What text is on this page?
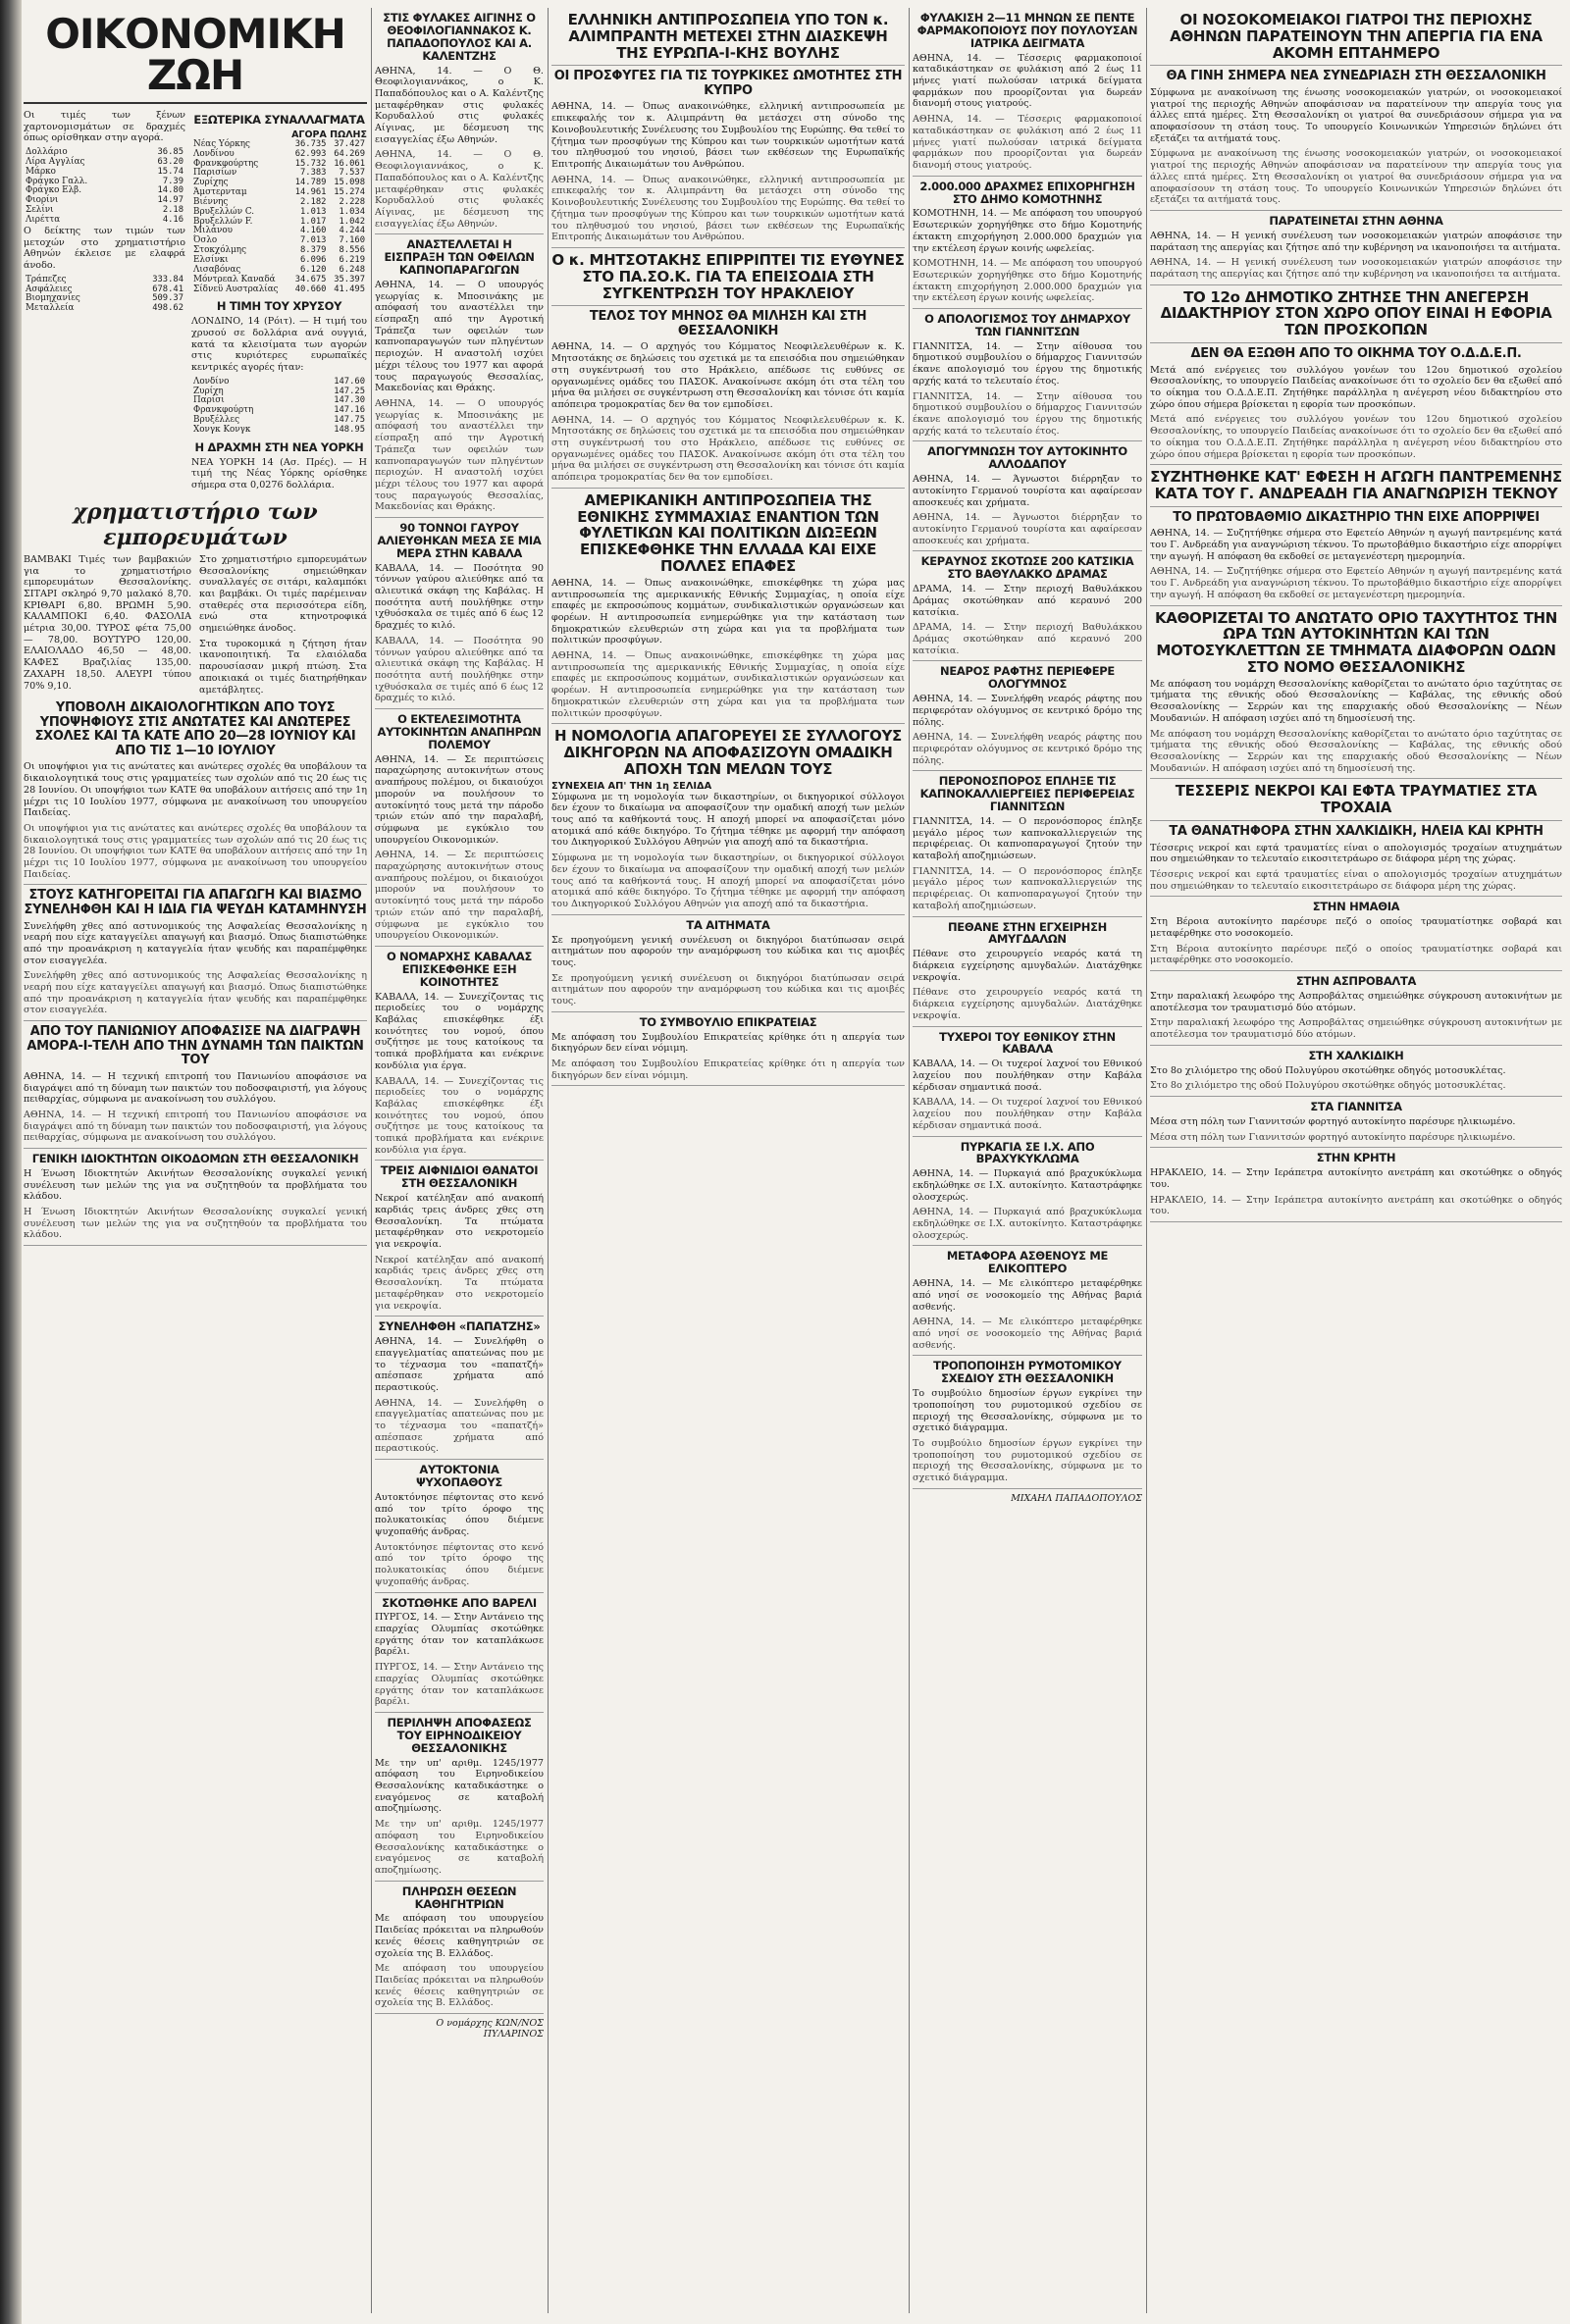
ΟΙΚΟΝΟΜΙΚΗ ΖΩΗ

Οι τιμές των ξένων χαρτονομισμάτων σε δραχμές όπως ορίσθηκαν στην αγορά.

Δολλάριο	36.85
Λίρα Αγγλίας	63.20
Μάρκο	15.74
Φράγκο Γαλλ.	7.39
Φράγκο Ελβ.	14.80
Φιορίνι	14.97
Σελίνι	2.18
Λιρέττα	4.16

Ο δείκτης των τιμών των μετοχών στο χρηματιστήριο Αθηνών έκλεισε με ελαφρά άνοδο.

Τράπεζες	333.84
Ασφάλειες	678.41
Βιομηχανίες	509.37
Μεταλλεία	498.62
ΕΞΩΤΕΡΙΚΑ ΣΥΝΑΛΛΑΓΜΑΤΑ
ΑΓΟΡΑ ΠΩΛΗΣ
Νέας Υόρκης	36.735	37.427
Λονδίνου	62.993	64.269
Φρανκφούρτης	15.732	16.061
Παρισίων	7.383	7.537
Ζυρίχης	14.789	15.098
Άμστερνταμ	14.961	15.274
Βιέννης	2.182	2.228
Βρυξελλών C.	1.013	1.034
Βρυξελλών F.	1.017	1.042
Μιλάνου	4.160	4.244
Όσλο	7.013	7.160
Στοκχόλμης	8.379	8.556
Ελσίνκι	6.096	6.219
Λισαβόνας	6.120	6.248
Μόντρεαλ Καναδά	34.675	35.397
Σίδνεϋ Αυστραλίας	40.660	41.495
Η ΤΙΜΗ ΤΟΥ ΧΡΥΣΟΥ

ΛΟΝΔΙΝΟ, 14 (Ρόιτ). — Η τιμή του χρυσού σε δολλάρια ανά ουγγιά, κατά τα κλεισίματα των αγορών στις κυριότερες ευρωπαϊκές κεντρικές αγορές ήταν:

Λονδίνο	147.60
Ζυρίχη	147.25
Παρίσι	147.30
Φρανκφούρτη	147.16
Βρυξέλλες	147.75
Χονγκ Κονγκ	148.95
Η ΔΡΑΧΜΗ ΣΤΗ ΝΕΑ ΥΟΡΚΗ

ΝΕΑ ΥΟΡΚΗ 14 (Ασ. Πρές). — Η τιμή της Νέας Υόρκης ορίσθηκε σήμερα στα 0,0276 δολλάρια.

χρηματιστήριο των εμπορευμάτων

ΒΑΜΒΑΚΙ Τιμές των βαμβακιών για το χρηματιστήριο εμπορευμάτων Θεσσαλονίκης. ΣΙΤΑΡΙ σκληρό 9,70 μαλακό 8,70. ΚΡΙΘΑΡΙ 6,80. ΒΡΩΜΗ 5,90. ΚΑΛΑΜΠΟΚΙ 6,40. ΦΑΣΟΛΙΑ μέτρια 30,00. ΤΥΡΟΣ φέτα 75,00 — 78,00. ΒΟΥΤΥΡΟ 120,00. ΕΛΑΙΟΛΑΔΟ 46,50 — 48,00. ΚΑΦΕΣ Βραζιλίας 135,00. ΖΑΧΑΡΗ 18,50. ΑΛΕΥΡΙ τύπου 70% 9,10.

Στο χρηματιστήριο εμπορευμάτων Θεσσαλονίκης σημειώθηκαν συναλλαγές σε σιτάρι, καλαμπόκι και βαμβάκι. Οι τιμές παρέμειναν σταθερές στα περισσότερα είδη, ενώ στα κτηνοτροφικά σημειώθηκε άνοδος.

Στα τυροκομικά η ζήτηση ήταν ικανοποιητική. Τα ελαιόλαδα παρουσίασαν μικρή πτώση. Στα αποικιακά οι τιμές διατηρήθηκαν αμετάβλητες.

ΥΠΟΒΟΛΗ ΔΙΚΑΙΟΛΟΓΗΤΙΚΩΝ ΑΠΟ ΤΟΥΣ ΥΠΟΨΗΦΙΟΥΣ ΣΤΙΣ ΑΝΩΤΑΤΕΣ ΚΑΙ ΑΝΩΤΕΡΕΣ ΣΧΟΛΕΣ ΚΑΙ ΤΑ ΚΑΤΕ ΑΠΟ 20—28 ΙΟΥΝΙΟΥ ΚΑΙ ΑΠΟ ΤΙΣ 1—10 ΙΟΥΛΙΟΥ

Οι υποψήφιοι για τις ανώτατες και ανώτερες σχολές θα υποβάλουν τα δικαιολογητικά τους στις γραμματείες των σχολών από τις 20 έως τις 28 Ιουνίου. Οι υποψήφιοι των ΚΑΤΕ θα υποβάλουν αιτήσεις από την 1η μέχρι τις 10 Ιουλίου 1977, σύμφωνα με ανακοίνωση του υπουργείου Παιδείας.

Οι υποψήφιοι για τις ανώτατες και ανώτερες σχολές θα υποβάλουν τα δικαιολογητικά τους στις γραμματείες των σχολών από τις 20 έως τις 28 Ιουνίου. Οι υποψήφιοι των ΚΑΤΕ θα υποβάλουν αιτήσεις από την 1η μέχρι τις 10 Ιουλίου 1977, σύμφωνα με ανακοίνωση του υπουργείου Παιδείας.

ΣΤΟΥΣ ΚΑΤΗΓΟΡΕΙΤΑΙ ΓΙΑ ΑΠΑΓΩΓΗ ΚΑΙ ΒΙΑΣΜΟ ΣΥΝΕΛΗΦΘΗ ΚΑΙ Η ΙΔΙΑ ΓΙΑ ΨΕΥΔΗ ΚΑΤΑΜΗΝΥΣΗ

Συνελήφθη χθες από αστυνομικούς της Ασφαλείας Θεσσαλονίκης η νεαρή που είχε καταγγείλει απαγωγή και βιασμό. Όπως διαπιστώθηκε από την προανάκριση η καταγγελία ήταν ψευδής και παραπέμφθηκε στον εισαγγελέα.

Συνελήφθη χθες από αστυνομικούς της Ασφαλείας Θεσσαλονίκης η νεαρή που είχε καταγγείλει απαγωγή και βιασμό. Όπως διαπιστώθηκε από την προανάκριση η καταγγελία ήταν ψευδής και παραπέμφθηκε στον εισαγγελέα.

ΑΠΟ ΤΟΥ ΠΑΝΙΩΝΙΟΥ ΑΠΟΦΑΣΙΣΕ ΝΑ ΔΙΑΓΡΑΨΗ ΑΜΟΡΑ-Ι-ΤΕΛΗ ΑΠΟ ΤΗΝ ΔΥΝΑΜΗ ΤΩΝ ΠΑΙΚΤΩΝ ΤΟΥ

ΑΘΗΝΑ, 14. — Η τεχνική επιτροπή του Πανιωνίου αποφάσισε να διαγράψει από τη δύναμη των παικτών του ποδοσφαιριστή, για λόγους πειθαρχίας, σύμφωνα με ανακοίνωση του συλλόγου.

ΑΘΗΝΑ, 14. — Η τεχνική επιτροπή του Πανιωνίου αποφάσισε να διαγράψει από τη δύναμη των παικτών του ποδοσφαιριστή, για λόγους πειθαρχίας, σύμφωνα με ανακοίνωση του συλλόγου.

ΓΕΝΙΚΗ ΙΔΙΟΚΤΗΤΩΝ ΟΙΚΟΔΟΜΩΝ ΣΤΗ ΘΕΣΣΑΛΟΝΙΚΗ

Η Ένωση Ιδιοκτητών Ακινήτων Θεσσαλονίκης συγκαλεί γενική συνέλευση των μελών της για να συζητηθούν τα προβλήματα του κλάδου.

Η Ένωση Ιδιοκτητών Ακινήτων Θεσσαλονίκης συγκαλεί γενική συνέλευση των μελών της για να συζητηθούν τα προβλήματα του κλάδου.

ΣΤΙΣ ΦΥΛΑΚΕΣ ΑΙΓΙΝΗΣ Ο ΘΕΟΦΙΛΟΓΙΑΝΝΑΚΟΣ Κ. ΠΑΠΑΔΟΠΟΥΛΟΣ ΚΑΙ Α. ΚΑΛΕΝΤΖΗΣ

ΑΘΗΝΑ, 14. — Ο Θ. Θεοφιλογιαννάκος, ο Κ. Παπαδόπουλος και ο Α. Καλέντζης μεταφέρθηκαν στις φυλακές Κορυδαλλού στις φυλακές Αίγινας, με δέσμευση της εισαγγελίας έξω Αθηνών.

ΑΘΗΝΑ, 14. — Ο Θ. Θεοφιλογιαννάκος, ο Κ. Παπαδόπουλος και ο Α. Καλέντζης μεταφέρθηκαν στις φυλακές Κορυδαλλού στις φυλακές Αίγινας, με δέσμευση της εισαγγελίας έξω Αθηνών.

ΑΝΑΣΤΕΛΛΕΤΑΙ Η ΕΙΣΠΡΑΞΗ ΤΩΝ ΟΦΕΙΛΩΝ ΚΑΠΝΟΠΑΡΑΓΩΓΩΝ

ΑΘΗΝΑ, 14. — Ο υπουργός γεωργίας κ. Μποσινάκης με απόφασή του αναστέλλει την είσπραξη από την Αγροτική Τράπεζα των οφειλών των καπνοπαραγωγών των πληγέντων περιοχών. Η αναστολή ισχύει μέχρι τέλους του 1977 και αφορά τους παραγωγούς Θεσσαλίας, Μακεδονίας και Θράκης.

ΑΘΗΝΑ, 14. — Ο υπουργός γεωργίας κ. Μποσινάκης με απόφασή του αναστέλλει την είσπραξη από την Αγροτική Τράπεζα των οφειλών των καπνοπαραγωγών των πληγέντων περιοχών. Η αναστολή ισχύει μέχρι τέλους του 1977 και αφορά τους παραγωγούς Θεσσαλίας, Μακεδονίας και Θράκης.

90 ΤΟΝΝΟΙ ΓΑΥΡΟΥ ΑΛΙΕΥΘΗΚΑΝ ΜΕΣΑ ΣΕ ΜΙΑ ΜΕΡΑ ΣΤΗΝ ΚΑΒΑΛΑ

ΚΑΒΑΛΑ, 14. — Ποσότητα 90 τόννων γαύρου αλιεύθηκε από τα αλιευτικά σκάφη της Καβάλας. Η ποσότητα αυτή πουλήθηκε στην ιχθυόσκαλα σε τιμές από 6 έως 12 δραχμές το κιλό.

ΚΑΒΑΛΑ, 14. — Ποσότητα 90 τόννων γαύρου αλιεύθηκε από τα αλιευτικά σκάφη της Καβάλας. Η ποσότητα αυτή πουλήθηκε στην ιχθυόσκαλα σε τιμές από 6 έως 12 δραχμές το κιλό.

Ο ΕΚΤΕΛΕΣΙΜΟΤΗΤΑ ΑΥΤΟΚΙΝΗΤΩΝ ΑΝΑΠΗΡΩΝ ΠΟΛΕΜΟΥ

ΑΘΗΝΑ, 14. — Σε περιπτώσεις παραχώρησης αυτοκινήτων στους αναπήρους πολέμου, οι δικαιούχοι μπορούν να πουλήσουν το αυτοκίνητό τους μετά την πάροδο τριών ετών από την παραλαβή, σύμφωνα με εγκύκλιο του υπουργείου Οικονομικών.

ΑΘΗΝΑ, 14. — Σε περιπτώσεις παραχώρησης αυτοκινήτων στους αναπήρους πολέμου, οι δικαιούχοι μπορούν να πουλήσουν το αυτοκίνητό τους μετά την πάροδο τριών ετών από την παραλαβή, σύμφωνα με εγκύκλιο του υπουργείου Οικονομικών.

Ο ΝΟΜΑΡΧΗΣ ΚΑΒΑΛΑΣ ΕΠΙΣΚΕΦΘΗΚΕ ΕΞΗ ΚΟΙΝΟΤΗΤΕΣ

ΚΑΒΑΛΑ, 14. — Συνεχίζοντας τις περιοδείες του ο νομάρχης Καβάλας επισκέφθηκε έξι κοινότητες του νομού, όπου συζήτησε με τους κατοίκους τα τοπικά προβλήματα και ενέκρινε κονδύλια για έργα.

ΚΑΒΑΛΑ, 14. — Συνεχίζοντας τις περιοδείες του ο νομάρχης Καβάλας επισκέφθηκε έξι κοινότητες του νομού, όπου συζήτησε με τους κατοίκους τα τοπικά προβλήματα και ενέκρινε κονδύλια για έργα.

ΤΡΕΙΣ ΑΙΦΝΙΔΙΟΙ ΘΑΝΑΤΟΙ ΣΤΗ ΘΕΣΣΑΛΟΝΙΚΗ

Νεκροί κατέληξαν από ανακοπή καρδιάς τρεις άνδρες χθες στη Θεσσαλονίκη. Τα πτώματα μεταφέρθηκαν στο νεκροτομείο για νεκροψία.

Νεκροί κατέληξαν από ανακοπή καρδιάς τρεις άνδρες χθες στη Θεσσαλονίκη. Τα πτώματα μεταφέρθηκαν στο νεκροτομείο για νεκροψία.

ΣΥΝΕΛΗΦΘΗ «ΠΑΠΑΤΖΗΣ»

ΑΘΗΝΑ, 14. — Συνελήφθη ο επαγγελματίας απατεώνας που με το τέχνασμα του «παπατζή» απέσπασε χρήματα από περαστικούς.

ΑΘΗΝΑ, 14. — Συνελήφθη ο επαγγελματίας απατεώνας που με το τέχνασμα του «παπατζή» απέσπασε χρήματα από περαστικούς.

ΑΥΤΟΚΤΟΝΙΑ ΨΥΧΟΠΑΘΟΥΣ

Αυτοκτόνησε πέφτοντας στο κενό από τον τρίτο όροφο της πολυκατοικίας όπου διέμενε ψυχοπαθής άνδρας.

Αυτοκτόνησε πέφτοντας στο κενό από τον τρίτο όροφο της πολυκατοικίας όπου διέμενε ψυχοπαθής άνδρας.

ΣΚΟΤΩΘΗΚΕ ΑΠΟ ΒΑΡΕΛΙ

ΠΥΡΓΟΣ, 14. — Στην Αντάνειο της επαρχίας Ολυμπίας σκοτώθηκε εργάτης όταν τον καταπλάκωσε βαρέλι.

ΠΥΡΓΟΣ, 14. — Στην Αντάνειο της επαρχίας Ολυμπίας σκοτώθηκε εργάτης όταν τον καταπλάκωσε βαρέλι.

ΠΕΡΙΛΗΨΗ ΑΠΟΦΑΣΕΩΣ ΤΟΥ ΕΙΡΗΝΟΔΙΚΕΙΟΥ ΘΕΣΣΑΛΟΝΙΚΗΣ

Με την υπ' αριθμ. 1245/1977 απόφαση του Ειρηνοδικείου Θεσσαλονίκης καταδικάστηκε ο εναγόμενος σε καταβολή αποζημίωσης.

Με την υπ' αριθμ. 1245/1977 απόφαση του Ειρηνοδικείου Θεσσαλονίκης καταδικάστηκε ο εναγόμενος σε καταβολή αποζημίωσης.

ΠΛΗΡΩΣΗ ΘΕΣΕΩΝ ΚΑΘΗΓΗΤΡΙΩΝ

Με απόφαση του υπουργείου Παιδείας πρόκειται να πληρωθούν κενές θέσεις καθηγητριών σε σχολεία της Β. Ελλάδος.

Με απόφαση του υπουργείου Παιδείας πρόκειται να πληρωθούν κενές θέσεις καθηγητριών σε σχολεία της Β. Ελλάδος.

Ο νομάρχης ΚΩΝ/ΝΟΣ ΠΥΛΑΡΙΝΟΣ
ΕΛΛΗΝΙΚΗ ΑΝΤΙΠΡΟΣΩΠΕΙΑ ΥΠΟ ΤΟΝ κ. ΑΛΙΜΠΡΑΝΤΗ ΜΕΤΕΧΕΙ ΣΤΗΝ ΔΙΑΣΚΕΨΗ ΤΗΣ ΕΥΡΩΠΑ-Ι-ΚΗΣ ΒΟΥΛΗΣ
ΟΙ ΠΡΟΣΦΥΓΕΣ ΓΙΑ ΤΙΣ ΤΟΥΡΚΙΚΕΣ ΩΜΟΤΗΤΕΣ ΣΤΗ ΚΥΠΡΟ

ΑΘΗΝΑ, 14. — Όπως ανακοινώθηκε, ελληνική αντιπροσωπεία με επικεφαλής τον κ. Αλιμπράντη θα μετάσχει στη σύνοδο της Κοινοβουλευτικής Συνέλευσης του Συμβουλίου της Ευρώπης. Θα τεθεί το ζήτημα των προσφύγων της Κύπρου και των τουρκικών ωμοτήτων κατά του πληθυσμού του νησιού, βάσει των εκθέσεων της Ευρωπαϊκής Επιτροπής Δικαιωμάτων του Ανθρώπου.

ΑΘΗΝΑ, 14. — Όπως ανακοινώθηκε, ελληνική αντιπροσωπεία με επικεφαλής τον κ. Αλιμπράντη θα μετάσχει στη σύνοδο της Κοινοβουλευτικής Συνέλευσης του Συμβουλίου της Ευρώπης. Θα τεθεί το ζήτημα των προσφύγων της Κύπρου και των τουρκικών ωμοτήτων κατά του πληθυσμού του νησιού, βάσει των εκθέσεων της Ευρωπαϊκής Επιτροπής Δικαιωμάτων του Ανθρώπου.

Ο κ. ΜΗΤΣΟΤΑΚΗΣ ΕΠΙΡΡΙΠΤΕΙ ΤΙΣ ΕΥΘΥΝΕΣ ΣΤΟ ΠΑ.ΣΟ.Κ. ΓΙΑ ΤΑ ΕΠΕΙΣΟΔΙΑ ΣΤΗ ΣΥΓΚΕΝΤΡΩΣΗ ΤΟΥ ΗΡΑΚΛΕΙΟΥ
ΤΕΛΟΣ ΤΟΥ ΜΗΝΟΣ ΘΑ ΜΙΛΗΣΗ ΚΑΙ ΣΤΗ ΘΕΣΣΑΛΟΝΙΚΗ

ΑΘΗΝΑ, 14. — Ο αρχηγός του Κόμματος Νεοφιλελευθέρων κ. Κ. Μητσοτάκης σε δηλώσεις του σχετικά με τα επεισόδια που σημειώθηκαν στη συγκέντρωσή του στο Ηράκλειο, απέδωσε τις ευθύνες σε οργανωμένες ομάδες του ΠΑΣΟΚ. Ανακοίνωσε ακόμη ότι στα τέλη του μήνα θα μιλήσει σε συγκέντρωση στη Θεσσαλονίκη και τόνισε ότι καμία απόπειρα τρομοκρατίας δεν θα τον εμποδίσει.

ΑΘΗΝΑ, 14. — Ο αρχηγός του Κόμματος Νεοφιλελευθέρων κ. Κ. Μητσοτάκης σε δηλώσεις του σχετικά με τα επεισόδια που σημειώθηκαν στη συγκέντρωσή του στο Ηράκλειο, απέδωσε τις ευθύνες σε οργανωμένες ομάδες του ΠΑΣΟΚ. Ανακοίνωσε ακόμη ότι στα τέλη του μήνα θα μιλήσει σε συγκέντρωση στη Θεσσαλονίκη και τόνισε ότι καμία απόπειρα τρομοκρατίας δεν θα τον εμποδίσει.

ΑΜΕΡΙΚΑΝΙΚΗ ΑΝΤΙΠΡΟΣΩΠΕΙΑ ΤΗΣ ΕΘΝΙΚΗΣ ΣΥΜΜΑΧΙΑΣ ΕΝΑΝΤΙΟΝ ΤΩΝ ΦΥΛΕΤΙΚΩΝ ΚΑΙ ΠΟΛΙΤΙΚΩΝ ΔΙΩΞΕΩΝ ΕΠΙΣΚΕΦΘΗΚΕ ΤΗΝ ΕΛΛΑΔΑ ΚΑΙ ΕΙΧΕ ΠΟΛΛΕΣ ΕΠΑΦΕΣ

ΑΘΗΝΑ, 14. — Όπως ανακοινώθηκε, επισκέφθηκε τη χώρα μας αντιπροσωπεία της αμερικανικής Εθνικής Συμμαχίας, η οποία είχε επαφές με εκπροσώπους κομμάτων, συνδικαλιστικών οργανώσεων και φορέων. Η αντιπροσωπεία ενημερώθηκε για την κατάσταση των δημοκρατικών ελευθεριών στη χώρα και για τα προβλήματα των πολιτικών προσφύγων.

ΑΘΗΝΑ, 14. — Όπως ανακοινώθηκε, επισκέφθηκε τη χώρα μας αντιπροσωπεία της αμερικανικής Εθνικής Συμμαχίας, η οποία είχε επαφές με εκπροσώπους κομμάτων, συνδικαλιστικών οργανώσεων και φορέων. Η αντιπροσωπεία ενημερώθηκε για την κατάσταση των δημοκρατικών ελευθεριών στη χώρα και για τα προβλήματα των πολιτικών προσφύγων.

Η ΝΟΜΟΛΟΓΙΑ ΑΠΑΓΟΡΕΥΕΙ ΣΕ ΣΥΛΛΟΓΟΥΣ ΔΙΚΗΓΟΡΩΝ ΝΑ ΑΠΟΦΑΣΙΖΟΥΝ ΟΜΑΔΙΚΗ ΑΠΟΧΗ ΤΩΝ ΜΕΛΩΝ ΤΟΥΣ
ΣΥΝΕΧΕΙΑ ΑΠ' ΤΗΝ 1η ΣΕΛΙΔΑ

Σύμφωνα με τη νομολογία των δικαστηρίων, οι δικηγορικοί σύλλογοι δεν έχουν το δικαίωμα να αποφασίζουν την ομαδική αποχή των μελών τους από τα καθήκοντά τους. Η αποχή μπορεί να αποφασίζεται μόνο ατομικά από κάθε δικηγόρο. Το ζήτημα τέθηκε με αφορμή την απόφαση του Δικηγορικού Συλλόγου Αθηνών για αποχή από τα δικαστήρια.

Σύμφωνα με τη νομολογία των δικαστηρίων, οι δικηγορικοί σύλλογοι δεν έχουν το δικαίωμα να αποφασίζουν την ομαδική αποχή των μελών τους από τα καθήκοντά τους. Η αποχή μπορεί να αποφασίζεται μόνο ατομικά από κάθε δικηγόρο. Το ζήτημα τέθηκε με αφορμή την απόφαση του Δικηγορικού Συλλόγου Αθηνών για αποχή από τα δικαστήρια.

ΤΑ ΑΙΤΗΜΑΤΑ

Σε προηγούμενη γενική συνέλευση οι δικηγόροι διατύπωσαν σειρά αιτημάτων που αφορούν την αναμόρφωση του κώδικα και τις αμοιβές τους.

Σε προηγούμενη γενική συνέλευση οι δικηγόροι διατύπωσαν σειρά αιτημάτων που αφορούν την αναμόρφωση του κώδικα και τις αμοιβές τους.

ΤΟ ΣΥΜΒΟΥΛΙΟ ΕΠΙΚΡΑΤΕΙΑΣ

Με απόφαση του Συμβουλίου Επικρατείας κρίθηκε ότι η απεργία των δικηγόρων δεν είναι νόμιμη.

Με απόφαση του Συμβουλίου Επικρατείας κρίθηκε ότι η απεργία των δικηγόρων δεν είναι νόμιμη.

ΦΥΛΑΚΙΣΗ 2—11 ΜΗΝΩΝ ΣΕ ΠΕΝΤΕ ΦΑΡΜΑΚΟΠΟΙΟΥΣ ΠΟΥ ΠΟΥΛΟΥΣΑΝ ΙΑΤΡΙΚΑ ΔΕΙΓΜΑΤΑ

ΑΘΗΝΑ, 14. — Τέσσερις φαρμακοποιοί καταδικάστηκαν σε φυλάκιση από 2 έως 11 μήνες γιατί πωλούσαν ιατρικά δείγματα φαρμάκων που προορίζονται για δωρεάν διανομή στους γιατρούς.

ΑΘΗΝΑ, 14. — Τέσσερις φαρμακοποιοί καταδικάστηκαν σε φυλάκιση από 2 έως 11 μήνες γιατί πωλούσαν ιατρικά δείγματα φαρμάκων που προορίζονται για δωρεάν διανομή στους γιατρούς.

2.000.000 ΔΡΑΧΜΕΣ ΕΠΙΧΟΡΗΓΗΣΗ ΣΤΟ ΔΗΜΟ ΚΟΜΟΤΗΝΗΣ

ΚΟΜΟΤΗΝΗ, 14. — Με απόφαση του υπουργού Εσωτερικών χορηγήθηκε στο δήμο Κομοτηνής έκτακτη επιχορήγηση 2.000.000 δραχμών για την εκτέλεση έργων κοινής ωφελείας.

ΚΟΜΟΤΗΝΗ, 14. — Με απόφαση του υπουργού Εσωτερικών χορηγήθηκε στο δήμο Κομοτηνής έκτακτη επιχορήγηση 2.000.000 δραχμών για την εκτέλεση έργων κοινής ωφελείας.

Ο ΑΠΟΛΟΓΙΣΜΟΣ ΤΟΥ ΔΗΜΑΡΧΟΥ ΤΩΝ ΓΙΑΝΝΙΤΣΩΝ

ΓΙΑΝΝΙΤΣΑ, 14. — Στην αίθουσα του δημοτικού συμβουλίου ο δήμαρχος Γιαννιτσών έκανε απολογισμό του έργου της δημοτικής αρχής κατά το τελευταίο έτος.

ΓΙΑΝΝΙΤΣΑ, 14. — Στην αίθουσα του δημοτικού συμβουλίου ο δήμαρχος Γιαννιτσών έκανε απολογισμό του έργου της δημοτικής αρχής κατά το τελευταίο έτος.

ΑΠΟΓΥΜΝΩΣΗ ΤΟΥ ΑΥΤΟΚΙΝΗΤΟ ΑΛΛΟΔΑΠΟΥ

ΑΘΗΝΑ, 14. — Άγνωστοι διέρρηξαν το αυτοκίνητο Γερμανού τουρίστα και αφαίρεσαν αποσκευές και χρήματα.

ΑΘΗΝΑ, 14. — Άγνωστοι διέρρηξαν το αυτοκίνητο Γερμανού τουρίστα και αφαίρεσαν αποσκευές και χρήματα.

ΚΕΡΑΥΝΟΣ ΣΚΟΤΩΣΕ 200 ΚΑΤΣΙΚΙΑ ΣΤΟ ΒΑΘΥΛΑΚΚΟ ΔΡΑΜΑΣ

ΔΡΑΜΑ, 14. — Στην περιοχή Βαθυλάκκου Δράμας σκοτώθηκαν από κεραυνό 200 κατσίκια.

ΔΡΑΜΑ, 14. — Στην περιοχή Βαθυλάκκου Δράμας σκοτώθηκαν από κεραυνό 200 κατσίκια.

ΝΕΑΡΟΣ ΡΑΦΤΗΣ ΠΕΡΙΕΦΕΡΕ ΟΛΟΓΥΜΝΟΣ

ΑΘΗΝΑ, 14. — Συνελήφθη νεαρός ράφτης που περιφερόταν ολόγυμνος σε κεντρικό δρόμο της πόλης.

ΑΘΗΝΑ, 14. — Συνελήφθη νεαρός ράφτης που περιφερόταν ολόγυμνος σε κεντρικό δρόμο της πόλης.

ΠΕΡΟΝΟΣΠΟΡΟΣ ΕΠΛΗΞΕ ΤΙΣ ΚΑΠΝΟΚΑΛΛΙΕΡΓΕΙΕΣ ΠΕΡΙΦΕΡΕΙΑΣ ΓΙΑΝΝΙΤΣΩΝ

ΓΙΑΝΝΙΤΣΑ, 14. — Ο περονόσπορος έπληξε μεγάλο μέρος των καπνοκαλλιεργειών της περιφέρειας. Οι καπνοπαραγωγοί ζητούν την καταβολή αποζημιώσεων.

ΓΙΑΝΝΙΤΣΑ, 14. — Ο περονόσπορος έπληξε μεγάλο μέρος των καπνοκαλλιεργειών της περιφέρειας. Οι καπνοπαραγωγοί ζητούν την καταβολή αποζημιώσεων.

ΠΕΘΑΝΕ ΣΤΗΝ ΕΓΧΕΙΡΗΣΗ ΑΜΥΓΔΑΛΩΝ

Πέθανε στο χειρουργείο νεαρός κατά τη διάρκεια εγχείρησης αμυγδαλών. Διατάχθηκε νεκροψία.

Πέθανε στο χειρουργείο νεαρός κατά τη διάρκεια εγχείρησης αμυγδαλών. Διατάχθηκε νεκροψία.

ΤΥΧΕΡΟΙ ΤΟΥ ΕΘΝΙΚΟΥ ΣΤΗΝ ΚΑΒΑΛΑ

ΚΑΒΑΛΑ, 14. — Οι τυχεροί λαχνοί του Εθνικού λαχείου που πουλήθηκαν στην Καβάλα κέρδισαν σημαντικά ποσά.

ΚΑΒΑΛΑ, 14. — Οι τυχεροί λαχνοί του Εθνικού λαχείου που πουλήθηκαν στην Καβάλα κέρδισαν σημαντικά ποσά.

ΠΥΡΚΑΓΙΑ ΣΕ Ι.Χ. ΑΠΟ ΒΡΑΧΥΚΥΚΛΩΜΑ

ΑΘΗΝΑ, 14. — Πυρκαγιά από βραχυκύκλωμα εκδηλώθηκε σε Ι.Χ. αυτοκίνητο. Καταστράφηκε ολοσχερώς.

ΑΘΗΝΑ, 14. — Πυρκαγιά από βραχυκύκλωμα εκδηλώθηκε σε Ι.Χ. αυτοκίνητο. Καταστράφηκε ολοσχερώς.

ΜΕΤΑΦΟΡΑ ΑΣΘΕΝΟΥΣ ΜΕ ΕΛΙΚΟΠΤΕΡΟ

ΑΘΗΝΑ, 14. — Με ελικόπτερο μεταφέρθηκε από νησί σε νοσοκομείο της Αθήνας βαριά ασθενής.

ΑΘΗΝΑ, 14. — Με ελικόπτερο μεταφέρθηκε από νησί σε νοσοκομείο της Αθήνας βαριά ασθενής.

ΤΡΟΠΟΠΟΙΗΣΗ ΡΥΜΟΤΟΜΙΚΟΥ ΣΧΕΔΙΟΥ ΣΤΗ ΘΕΣΣΑΛΟΝΙΚΗ

Το συμβούλιο δημοσίων έργων εγκρίνει την τροποποίηση του ρυμοτομικού σχεδίου σε περιοχή της Θεσσαλονίκης, σύμφωνα με το σχετικό διάγραμμα.

Το συμβούλιο δημοσίων έργων εγκρίνει την τροποποίηση του ρυμοτομικού σχεδίου σε περιοχή της Θεσσαλονίκης, σύμφωνα με το σχετικό διάγραμμα.

ΜΙΧΑΗΛ ΠΑΠΑΔΟΠΟΥΛΟΣ
ΟΙ ΝΟΣΟΚΟΜΕΙΑΚΟΙ ΓΙΑΤΡΟΙ ΤΗΣ ΠΕΡΙΟΧΗΣ ΑΘΗΝΩΝ ΠΑΡΑΤΕΙΝΟΥΝ ΤΗΝ ΑΠΕΡΓΙΑ ΓΙΑ ΕΝΑ ΑΚΟΜΗ ΕΠΤΑΗΜΕΡΟ
ΘΑ ΓΙΝΗ ΣΗΜΕΡΑ ΝΕΑ ΣΥΝΕΔΡΙΑΣΗ ΣΤΗ ΘΕΣΣΑΛΟΝΙΚΗ

Σύμφωνα με ανακοίνωση της ένωσης νοσοκομειακών γιατρών, οι νοσοκομειακοί γιατροί της περιοχής Αθηνών αποφάσισαν να παρατείνουν την απεργία τους για άλλες επτά ημέρες. Στη Θεσσαλονίκη οι γιατροί θα συνεδριάσουν σήμερα για να αποφασίσουν τη στάση τους. Το υπουργείο Κοινωνικών Υπηρεσιών δηλώνει ότι εξετάζει τα αιτήματά τους.

Σύμφωνα με ανακοίνωση της ένωσης νοσοκομειακών γιατρών, οι νοσοκομειακοί γιατροί της περιοχής Αθηνών αποφάσισαν να παρατείνουν την απεργία τους για άλλες επτά ημέρες. Στη Θεσσαλονίκη οι γιατροί θα συνεδριάσουν σήμερα για να αποφασίσουν τη στάση τους. Το υπουργείο Κοινωνικών Υπηρεσιών δηλώνει ότι εξετάζει τα αιτήματά τους.

ΠΑΡΑΤΕΙΝΕΤΑΙ ΣΤΗΝ ΑΘΗΝΑ

ΑΘΗΝΑ, 14. — Η γενική συνέλευση των νοσοκομειακών γιατρών αποφάσισε την παράταση της απεργίας και ζήτησε από την κυβέρνηση να ικανοποιήσει τα αιτήματα.

ΑΘΗΝΑ, 14. — Η γενική συνέλευση των νοσοκομειακών γιατρών αποφάσισε την παράταση της απεργίας και ζήτησε από την κυβέρνηση να ικανοποιήσει τα αιτήματα.

ΤΟ 12ο ΔΗΜΟΤΙΚΟ ΖΗΤΗΣΕ ΤΗΝ ΑΝΕΓΕΡΣΗ ΔΙΔΑΚΤΗΡΙΟΥ ΣΤΟΝ ΧΩΡΟ ΟΠΟΥ ΕΙΝΑΙ Η ΕΦΟΡΙΑ ΤΩΝ ΠΡΟΣΚΟΠΩΝ
ΔΕΝ ΘΑ ΕΞΩΘΗ ΑΠΟ ΤΟ ΟΙΚΗΜΑ ΤΟΥ Ο.Δ.Δ.Ε.Π.

Μετά από ενέργειες του συλλόγου γονέων του 12ου δημοτικού σχολείου Θεσσαλονίκης, το υπουργείο Παιδείας ανακοίνωσε ότι το σχολείο δεν θα εξωθεί από το οίκημα του Ο.Δ.Δ.Ε.Π. Ζητήθηκε παράλληλα η ανέγερση νέου διδακτηρίου στο χώρο όπου σήμερα βρίσκεται η εφορία των προσκόπων.

Μετά από ενέργειες του συλλόγου γονέων του 12ου δημοτικού σχολείου Θεσσαλονίκης, το υπουργείο Παιδείας ανακοίνωσε ότι το σχολείο δεν θα εξωθεί από το οίκημα του Ο.Δ.Δ.Ε.Π. Ζητήθηκε παράλληλα η ανέγερση νέου διδακτηρίου στο χώρο όπου σήμερα βρίσκεται η εφορία των προσκόπων.

ΣΥΖΗΤΗΘΗΚΕ ΚΑΤ' ΕΦΕΣΗ Η ΑΓΩΓΗ ΠΑΝΤΡΕΜΕΝΗΣ ΚΑΤΑ ΤΟΥ Γ. ΑΝΔΡΕΑΔΗ ΓΙΑ ΑΝΑΓΝΩΡΙΣΗ ΤΕΚΝΟΥ
ΤΟ ΠΡΩΤΟΒΑΘΜΙΟ ΔΙΚΑΣΤΗΡΙΟ ΤΗΝ ΕΙΧΕ ΑΠΟΡΡΙΨΕΙ

ΑΘΗΝΑ, 14. — Συζητήθηκε σήμερα στο Εφετείο Αθηνών η αγωγή παντρεμένης κατά του Γ. Ανδρεάδη για αναγνώριση τέκνου. Το πρωτοβάθμιο δικαστήριο είχε απορρίψει την αγωγή. Η απόφαση θα εκδοθεί σε μεταγενέστερη ημερομηνία.

ΑΘΗΝΑ, 14. — Συζητήθηκε σήμερα στο Εφετείο Αθηνών η αγωγή παντρεμένης κατά του Γ. Ανδρεάδη για αναγνώριση τέκνου. Το πρωτοβάθμιο δικαστήριο είχε απορρίψει την αγωγή. Η απόφαση θα εκδοθεί σε μεταγενέστερη ημερομηνία.

ΚΑΘΟΡΙΖΕΤΑΙ ΤΟ ΑΝΩΤΑΤΟ ΟΡΙΟ ΤΑΧΥΤΗΤΟΣ ΤΗΝ ΩΡΑ ΤΩΝ ΑΥΤΟΚΙΝΗΤΩΝ ΚΑΙ ΤΩΝ ΜΟΤΟΣΥΚΛΕΤΤΩΝ ΣΕ ΤΜΗΜΑΤΑ ΔΙΑΦΟΡΩΝ ΟΔΩΝ ΣΤΟ ΝΟΜΟ ΘΕΣΣΑΛΟΝΙΚΗΣ

Με απόφαση του νομάρχη Θεσσαλονίκης καθορίζεται το ανώτατο όριο ταχύτητας σε τμήματα της εθνικής οδού Θεσσαλονίκης — Καβάλας, της εθνικής οδού Θεσσαλονίκης — Σερρών και της επαρχιακής οδού Θεσσαλονίκης — Νέων Μουδανιών. Η απόφαση ισχύει από τη δημοσίευσή της.

Με απόφαση του νομάρχη Θεσσαλονίκης καθορίζεται το ανώτατο όριο ταχύτητας σε τμήματα της εθνικής οδού Θεσσαλονίκης — Καβάλας, της εθνικής οδού Θεσσαλονίκης — Σερρών και της επαρχιακής οδού Θεσσαλονίκης — Νέων Μουδανιών. Η απόφαση ισχύει από τη δημοσίευσή της.

ΤΕΣΣΕΡΙΣ ΝΕΚΡΟΙ ΚΑΙ ΕΦΤΑ ΤΡΑΥΜΑΤΙΕΣ ΣΤΑ ΤΡΟΧΑΙΑ
ΤΑ ΘΑΝΑΤΗΦΟΡΑ ΣΤΗΝ ΧΑΛΚΙΔΙΚΗ, ΗΛΕΙΑ ΚΑΙ ΚΡΗΤΗ

Τέσσερις νεκροί και εφτά τραυματίες είναι ο απολογισμός τροχαίων ατυχημάτων που σημειώθηκαν το τελευταίο εικοσιτετράωρο σε διάφορα μέρη της χώρας.

Τέσσερις νεκροί και εφτά τραυματίες είναι ο απολογισμός τροχαίων ατυχημάτων που σημειώθηκαν το τελευταίο εικοσιτετράωρο σε διάφορα μέρη της χώρας.

ΣΤΗΝ ΗΜΑΘΙΑ

Στη Βέροια αυτοκίνητο παρέσυρε πεζό ο οποίος τραυματίστηκε σοβαρά και μεταφέρθηκε στο νοσοκομείο.

Στη Βέροια αυτοκίνητο παρέσυρε πεζό ο οποίος τραυματίστηκε σοβαρά και μεταφέρθηκε στο νοσοκομείο.

ΣΤΗΝ ΑΣΠΡΟΒΑΛΤΑ

Στην παραλιακή λεωφόρο της Ασπροβάλτας σημειώθηκε σύγκρουση αυτοκινήτων με αποτέλεσμα τον τραυματισμό δύο ατόμων.

Στην παραλιακή λεωφόρο της Ασπροβάλτας σημειώθηκε σύγκρουση αυτοκινήτων με αποτέλεσμα τον τραυματισμό δύο ατόμων.

ΣΤΗ ΧΑΛΚΙΔΙΚΗ

Στο 8ο χιλιόμετρο της οδού Πολυγύρου σκοτώθηκε οδηγός μοτοσυκλέτας.

Στο 8ο χιλιόμετρο της οδού Πολυγύρου σκοτώθηκε οδηγός μοτοσυκλέτας.

ΣΤΑ ΓΙΑΝΝΙΤΣΑ

Μέσα στη πόλη των Γιαννιτσών φορτηγό αυτοκίνητο παρέσυρε ηλικιωμένο.

Μέσα στη πόλη των Γιαννιτσών φορτηγό αυτοκίνητο παρέσυρε ηλικιωμένο.

ΣΤΗΝ ΚΡΗΤΗ

ΗΡΑΚΛΕΙΟ, 14. — Στην Ιεράπετρα αυτοκίνητο ανετράπη και σκοτώθηκε ο οδηγός του.

ΗΡΑΚΛΕΙΟ, 14. — Στην Ιεράπετρα αυτοκίνητο ανετράπη και σκοτώθηκε ο οδηγός του.
